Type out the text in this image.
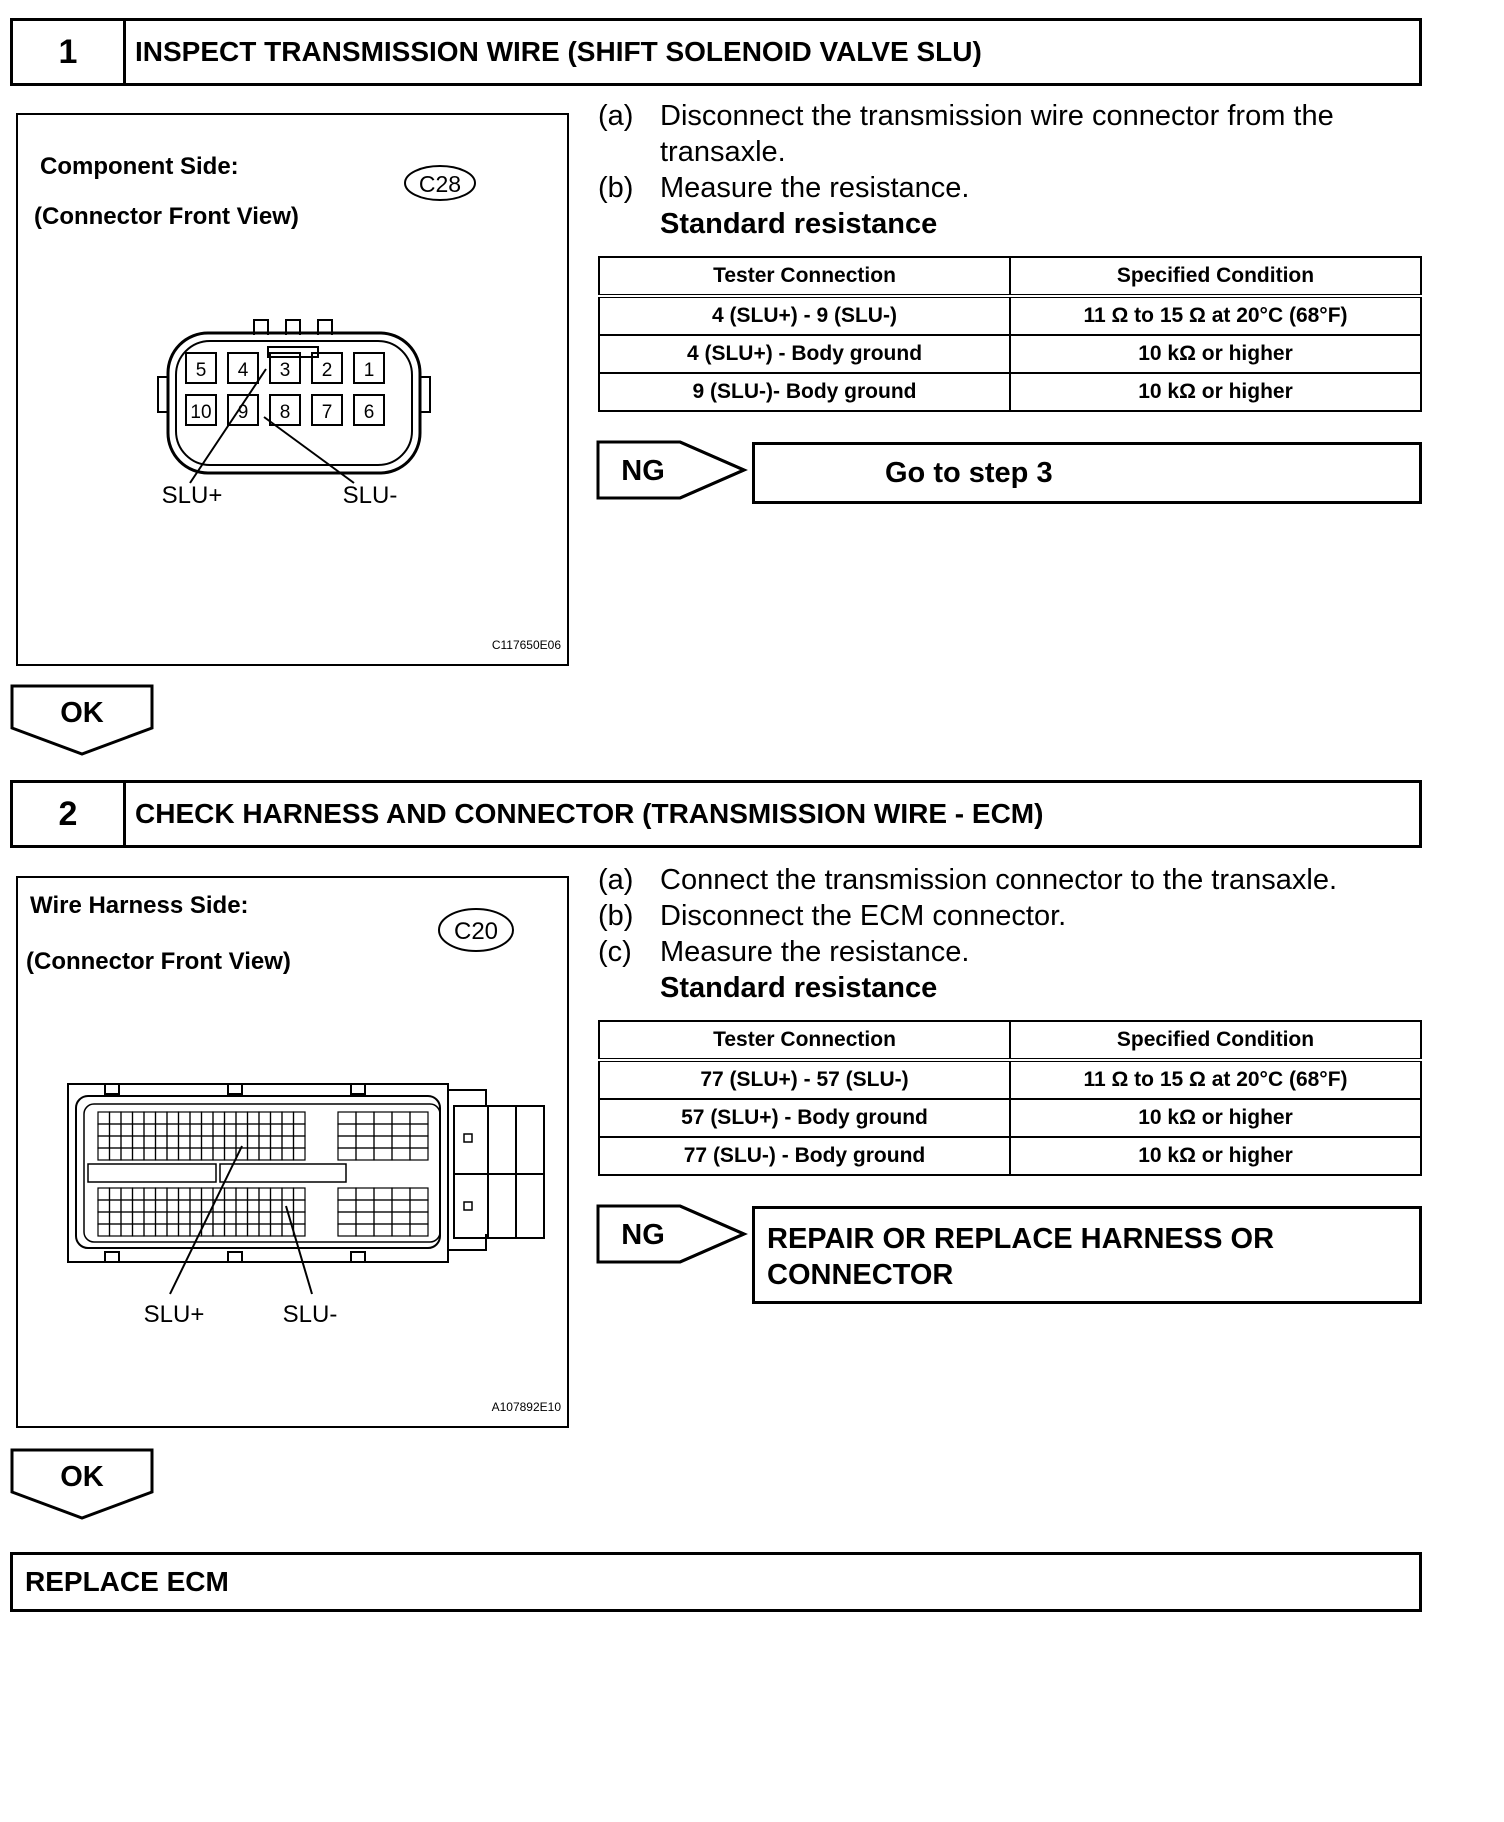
1	INSPECT TRANSMISSION WIRE (SHIFT SOLENOID VALVE SLU)
Component Side:
(Connector Front View)
C28
5 4 3 2 1
10 9 8 7 6
SLU+	SLU-
C117650E06
(a) Disconnect the transmission wire connector from the
transaxle.
(b) Measure the resistance.
Standard resistance
Tester Connection	Specified Condition
4 (SLU+) - 9 (SLU-)	11 Ω to 15 Ω at 20°C (68°F)
4 (SLU+) - Body ground	10 kΩ or higher
9 (SLU-)- Body ground	10 kΩ or higher
NG	Go to step 3
OK
2	CHECK HARNESS AND CONNECTOR (TRANSMISSION WIRE - ECM)
Wire Harness Side:
(Connector Front View)
C20
SLU+	SLU-
A107892E10
(a) Connect the transmission connector to the transaxle.
(b) Disconnect the ECM connector.
(c) Measure the resistance.
Standard resistance
Tester Connection	Specified Condition
77 (SLU+) - 57 (SLU-)	11 Ω to 15 Ω at 20°C (68°F)
57 (SLU+) - Body ground	10 kΩ or higher
77 (SLU-) - Body ground	10 kΩ or higher
NG	REPAIR OR REPLACE HARNESS OR
CONNECTOR
OK
REPLACE ECM
